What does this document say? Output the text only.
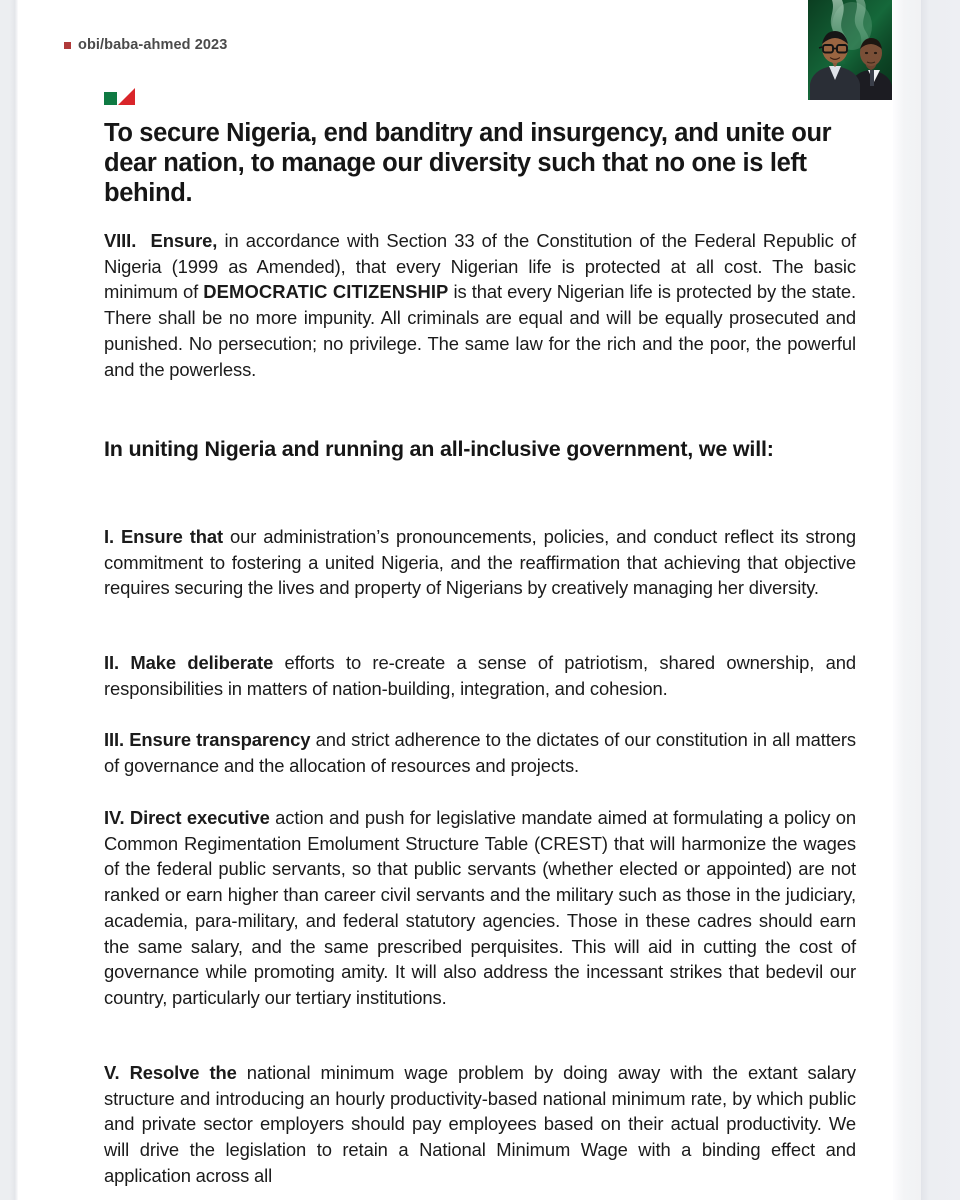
obi/baba-ahmed 2023
To secure Nigeria, end banditry and insurgency, and unite our dear nation, to manage our diversity such that no one is left behind.

VIII. Ensure, in accordance with Section 33 of the Constitution of the Federal Republic of Nigeria (1999 as Amended), that every Nigerian life is protected at all cost. The basic minimum of DEMOCRATIC CITIZENSHIP is that every Nigerian life is protected by the state. There shall be no more impunity. All criminals are equal and will be equally prosecuted and punished. No persecution; no privilege. The same law for the rich and the poor, the powerful and the powerless.

In uniting Nigeria and running an all-inclusive government, we will:

I. Ensure that our administration’s pronouncements, policies, and conduct reflect its strong commitment to fostering a united Nigeria, and the reaffirmation that achieving that objective requires securing the lives and property of Nigerians by creatively managing her diversity.

II. Make deliberate efforts to re-create a sense of patriotism, shared ownership, and responsibilities in matters of nation-building, integration, and cohesion.

III. Ensure transparency and strict adherence to the dictates of our constitution in all matters of governance and the allocation of resources and projects.

IV. Direct executive action and push for legislative mandate aimed at formulating a policy on Common Regimentation Emolument Structure Table (CREST) that will harmonize the wages of the federal public servants, so that public servants (whether elected or appointed) are not ranked or earn higher than career civil servants and the military such as those in the judiciary, academia, para-military, and federal statutory agencies. Those in these cadres should earn the same salary, and the same prescribed perquisites. This will aid in cutting the cost of governance while promoting amity. It will also address the incessant strikes that bedevil our country, particularly our tertiary institutions.

V. Resolve the national minimum wage problem by doing away with the extant salary structure and introducing an hourly productivity-based national minimum rate, by which public and private sector employers should pay employees based on their actual productivity. We will drive the legislation to retain a National Minimum Wage with a binding effect and application across all
